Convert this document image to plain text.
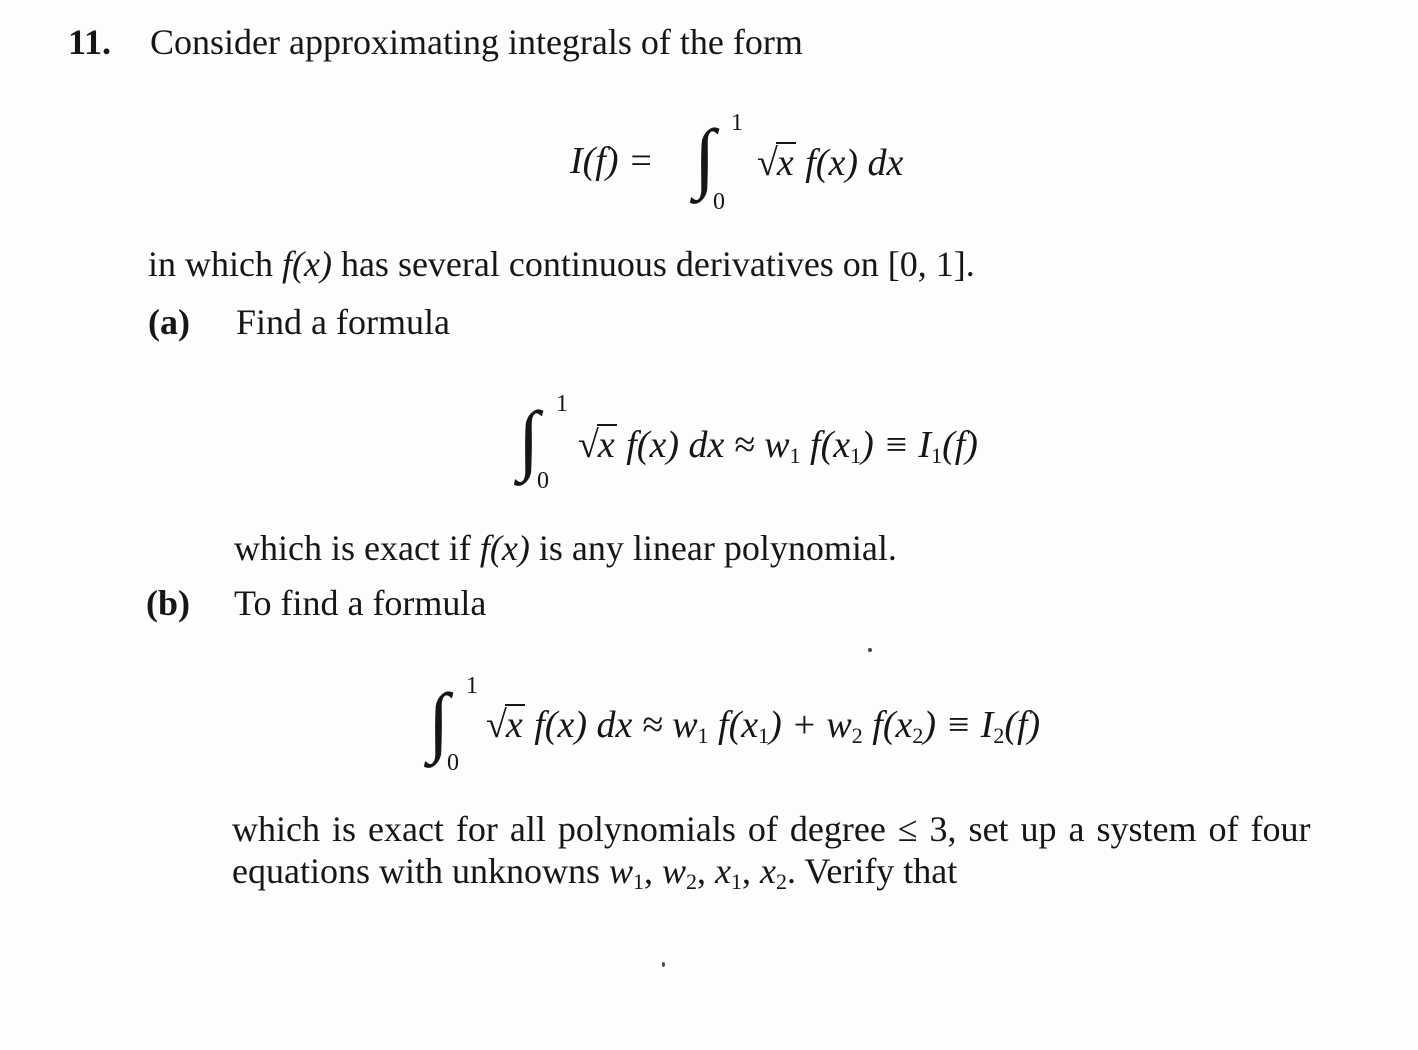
11. Consider approximating integrals of the form
I(f) = ∫ 1
0
√x f(x) dx
in which f(x) has several continuous derivatives on [0, 1].
(a) Find a formula
∫ 1
0
√x f(x) dx ≈ $w_1$ $f(x_1) \equiv I_1(f)$
which is exact if f(x) is any linear polynomial.
(b) To find a formula
∫ 1
0
√x f(x) dx ≈ $w_1$ $f(x_1) + w_2$ $f(x_2) \equiv I_2(f)$
which is exact for all polynomials of degree ≤ 3, set up a system of four
equations with unknowns $w_1$, $w_2$, $x_1$, $x_2$. Verify that
